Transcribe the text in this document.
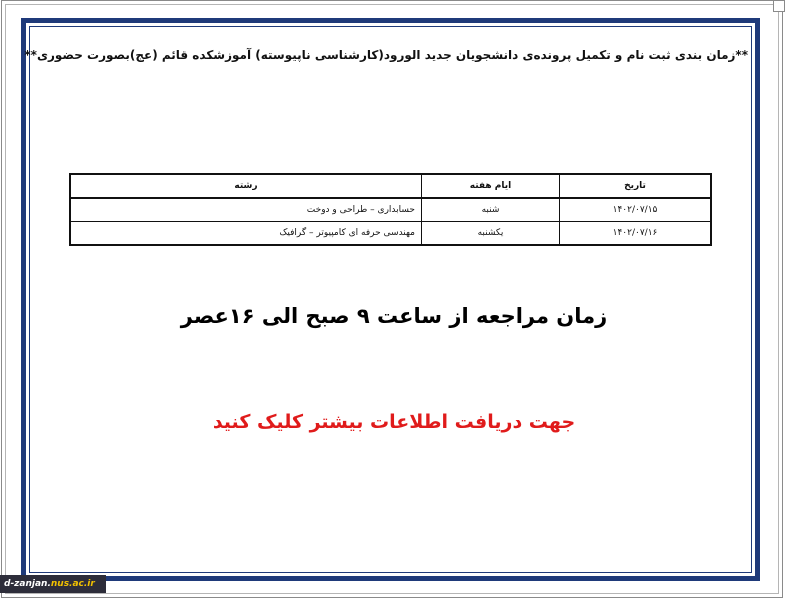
**زمان بندی ثبت نام و تکمیل پرونده‌ی دانشجویان جدید الورود(کارشناسی ناپیوسته) آموزشکده قائم (عج)بصورت حضوری**
تاریخ	ایام هفته	رشته
۱۴۰۲/۰۷/۱۵	شنبه	حسابداری – طراحی و دوخت
۱۴۰۲/۰۷/۱۶	یکشنبه	مهندسی حرفه ای کامپیوتر – گرافیک
زمان مراجعه از ساعت ۹ صبح الی ۱۶عصر
جهت دریافت اطلاعات بیشتر کلیک کنید
d-zanjan.nus.ac.ir
